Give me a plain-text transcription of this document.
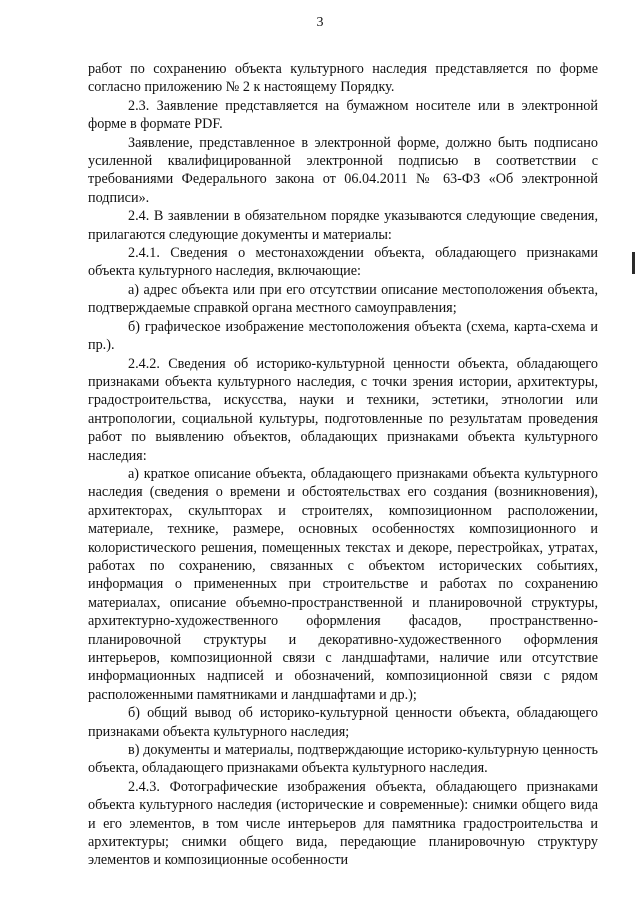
3

работ по сохранению объекта культурного наследия представляется по форме согласно приложению № 2 к настоящему Порядку.

2.3. Заявление представляется на бумажном носителе или в электронной форме в формате PDF.

Заявление, представленное в электронной форме, должно быть подписано усиленной квалифицированной электронной подписью в соответствии с требованиями Федерального закона от 06.04.2011 № 63-ФЗ «Об электронной подписи».

2.4. В заявлении в обязательном порядке указываются следующие сведения, прилагаются следующие документы и материалы:

2.4.1. Сведения о местонахождении объекта, обладающего признаками объекта культурного наследия, включающие:

а) адрес объекта или при его отсутствии описание местоположения объекта, подтверждаемые справкой органа местного самоуправления;

б) графическое изображение местоположения объекта (схема, карта-схема и пр.).

2.4.2. Сведения об историко-культурной ценности объекта, обладающего признаками объекта культурного наследия, с точки зрения истории, архитектуры, градостроительства, искусства, науки и техники, эстетики, этнологии или антропологии, социальной культуры, подготовленные по результатам проведения работ по выявлению объектов, обладающих признаками объекта культурного наследия:

а) краткое описание объекта, обладающего признаками объекта культурного наследия (сведения о времени и обстоятельствах его создания (возникновения), архитекторах, скульпторах и строителях, композиционном расположении, материале, технике, размере, основных особенностях композиционного и колористического решения, помещенных текстах и декоре, перестройках, утратах, работах по сохранению, связанных с объектом исторических событиях, информация о примененных при строительстве и работах по сохранению материалах, описание объемно-пространственной и планировочной структуры, архитектурно-художественного оформления фасадов, пространственно-планировочной структуры и декоративно-художественного оформления интерьеров, композиционной связи с ландшафтами, наличие или отсутствие информационных надписей и обозначений, композиционной связи с рядом расположенными памятниками и ландшафтами и др.);

б) общий вывод об историко-культурной ценности объекта, обладающего признаками объекта культурного наследия;

в) документы и материалы, подтверждающие историко-культурную ценность объекта, обладающего признаками объекта культурного наследия.

2.4.3. Фотографические изображения объекта, обладающего признаками объекта культурного наследия (исторические и современные): снимки общего вида и его элементов, в том числе интерьеров для памятника градостроительства и архитектуры; снимки общего вида, передающие планировочную структуру элементов и композиционные особенности
